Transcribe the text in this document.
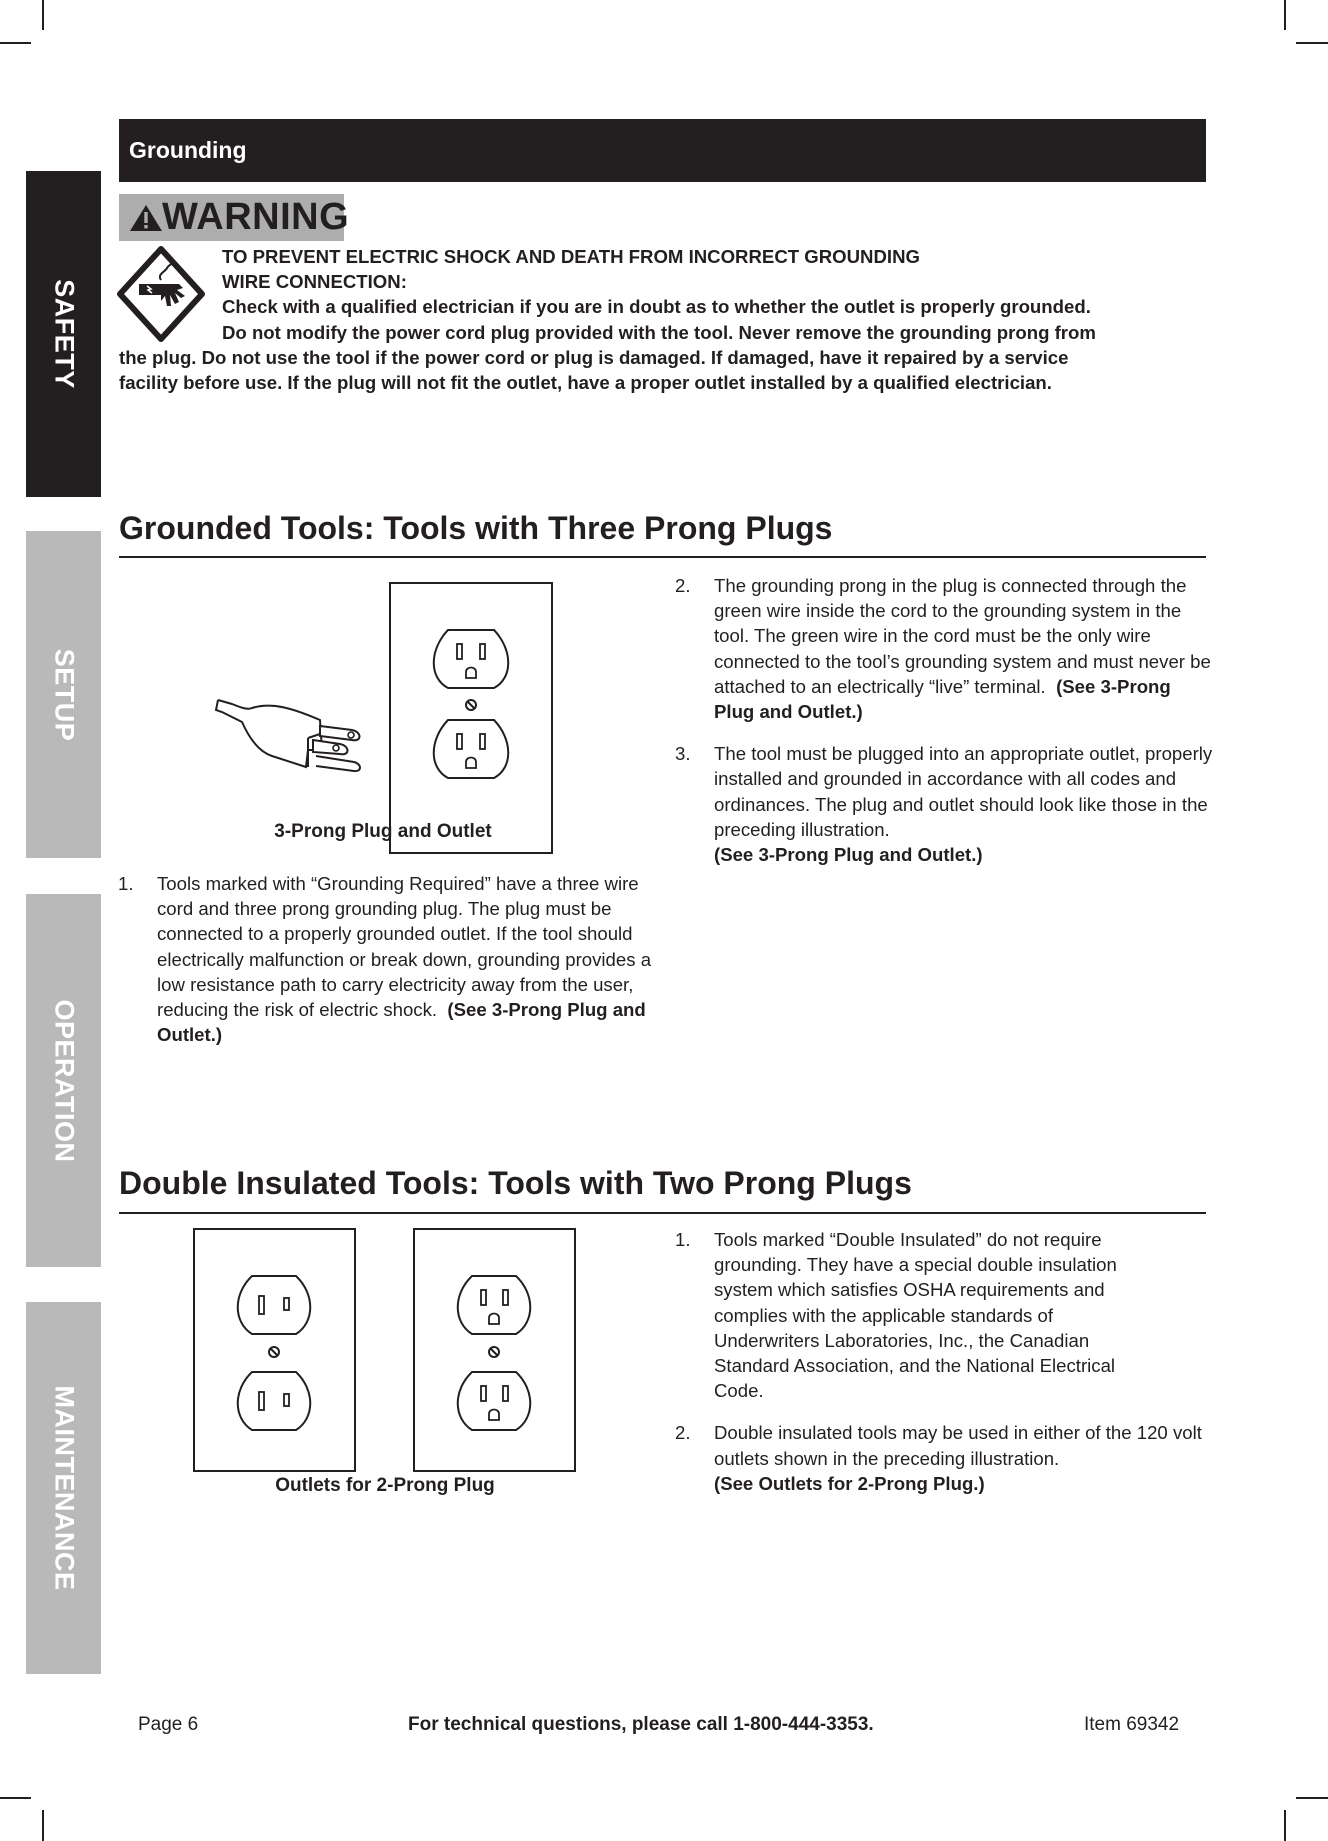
SAFETY
SETUP
OPERATION
MAINTENANCE
Grounding
WARNING
TO PREVENT ELECTRIC SHOCK AND DEATH FROM INCORRECT GROUNDING
WIRE CONNECTION:
Check with a qualified electrician if you are in doubt as to whether the outlet is properly grounded.
Do not modify the power cord plug provided with the tool. Never remove the grounding prong from
the plug. Do not use the tool if the power cord or plug is damaged. If damaged, have it repaired by a service
facility before use. If the plug will not fit the outlet, have a proper outlet installed by a qualified electrician.
Grounded Tools: Tools with Three Prong Plugs
3-Prong Plug and Outlet
1. Tools marked with “Grounding Required” have a three wire cord and three prong grounding plug. The plug must be connected to a properly grounded outlet. If the tool should electrically malfunction or break down, grounding provides a low resistance path to carry electricity away from the user, reducing the risk of electric shock. (See 3-Prong Plug and Outlet.)
2. The grounding prong in the plug is connected through the green wire inside the cord to the grounding system in the tool. The green wire in the cord must be the only wire connected to the tool’s grounding system and must never be attached to an electrically “live” terminal. (See 3-Prong Plug and Outlet.)
3. The tool must be plugged into an appropriate outlet, properly installed and grounded in accordance with all codes and ordinances. The plug and outlet should look like those in the preceding illustration.
(See 3-Prong Plug and Outlet.)
Double Insulated Tools: Tools with Two Prong Plugs
Outlets for 2-Prong Plug
1. Tools marked “Double Insulated” do not require grounding. They have a special double insulation system which satisfies OSHA requirements and complies with the applicable standards of Underwriters Laboratories, Inc., the Canadian Standard Association, and the National Electrical Code.
2. Double insulated tools may be used in either of the 120 volt outlets shown in the preceding illustration.
(See Outlets for 2-Prong Plug.)
Page 6	For technical questions, please call 1-800-444-3353.	Item 69342
